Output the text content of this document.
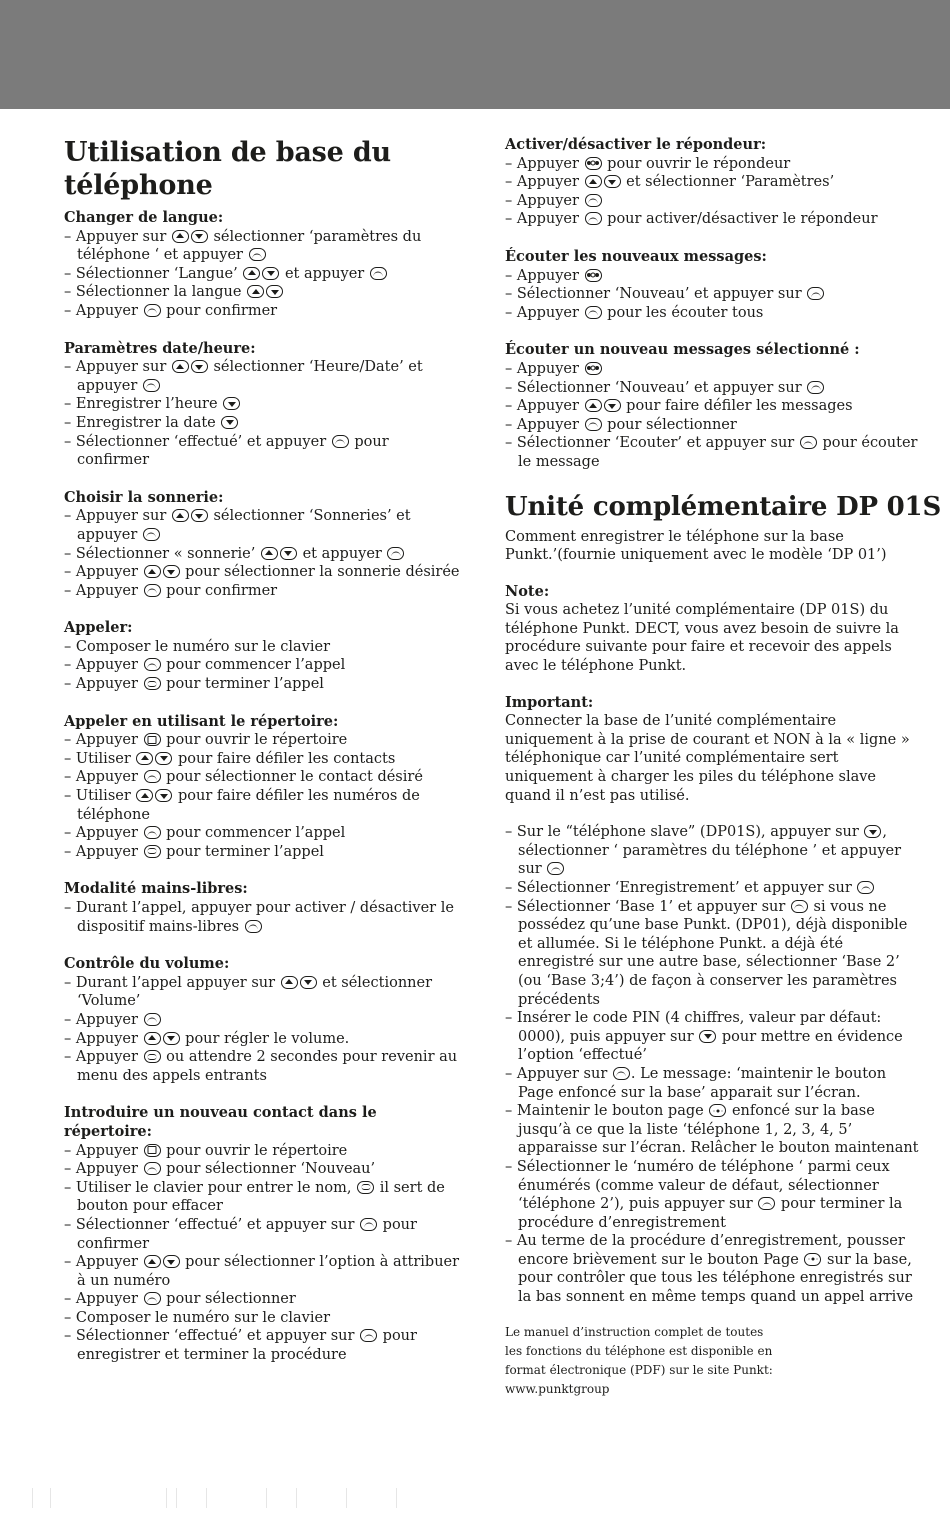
Utilisation de base du téléphone
Changer de langue:
– Appuyer sur	sélectionner ‘paramètres du téléphone ‘ et appuyer
– Sélectionner ‘Langue’	et appuyer
– Sélectionner la langue
– Appuyer  pour confirmer
Paramètres date/heure:
– Appuyer sur	sélectionner ‘Heure/Date’ et appuyer
– Enregistrer l’heure
– Enregistrer la date
– Sélectionner ‘effectué’ et appuyer  pour confirmer
Choisir la sonnerie:
– Appuyer sur	sélectionner ‘Sonneries’ et appuyer
– Sélectionner « sonnerie’	et appuyer
– Appuyer	pour sélectionner la sonnerie désirée
– Appuyer  pour confirmer
Appeler:
– Composer le numéro sur le clavier
– Appuyer  pour commencer l’appel
– Appuyer  pour terminer l’appel
Appeler en utilisant le répertoire:
– Appuyer  pour ouvrir le répertoire
– Utiliser	pour faire défiler les contacts
– Appuyer  pour sélectionner le contact désiré
– Utiliser	pour faire défiler les numéros de téléphone
– Appuyer  pour commencer l’appel
– Appuyer  pour terminer l’appel
Modalité mains-libres:
– Durant l’appel, appuyer pour activer / désactiver le dispositif mains-libres
Contrôle du volume:
– Durant l’appel appuyer sur	et sélectionner ‘Volume’
– Appuyer
– Appuyer	pour régler le volume.
– Appuyer  ou attendre 2 secondes pour revenir au menu des appels entrants
Introduire un nouveau contact dans le répertoire:
– Appuyer  pour ouvrir le répertoire
– Appuyer  pour sélectionner ‘Nouveau’
– Utiliser le clavier pour entrer le nom,  il sert de bouton pour effacer
– Sélectionner ‘effectué’ et appuyer sur  pour confirmer
– Appuyer	pour sélectionner l’option à attribuer à un numéro
– Appuyer  pour sélectionner
– Composer le numéro sur le clavier
– Sélectionner ‘effectué’ et appuyer sur  pour enregistrer et terminer la procédure
Activer/désactiver le répondeur:
– Appuyer  pour ouvrir le répondeur
– Appuyer	et sélectionner ‘Paramètres’
– Appuyer
– Appuyer  pour activer/désactiver le répondeur
Écouter les nouveaux messages:
– Appuyer
– Sélectionner ‘Nouveau’ et appuyer sur
– Appuyer  pour les écouter tous
Écouter un nouveau messages sélectionné :
– Appuyer
– Sélectionner ‘Nouveau’ et appuyer sur
– Appuyer	pour faire défiler les messages
– Appuyer  pour sélectionner
– Sélectionner ‘Ecouter’ et appuyer sur  pour écouter le message
Unité complémentaire DP 01S

Comment enregistrer le téléphone sur la base Punkt.’(fournie uniquement avec le modèle ‘DP 01’)

Note:

Si vous achetez l’unité complémentaire (DP 01S) du téléphone Punkt. DECT, vous avez besoin de suivre la procédure suivante pour faire et recevoir des appels avec le téléphone Punkt.

Important:

Connecter la base de l’unité complémentaire uniquement à la prise de courant et NON à la « ligne » téléphonique car l’unité complémentaire sert uniquement à charger les piles du téléphone slave quand il n’est pas utilisé.

– Sur le “téléphone slave” (DP01S), appuyer sur , sélectionner ‘ paramètres du téléphone ’ et appuyer sur
– Sélectionner ‘Enregistrement’ et appuyer sur
– Sélectionner ‘Base 1’ et appuyer sur  si vous ne possédez qu’une base Punkt. (DP01), déjà disponible et allumée. Si le téléphone Punkt. a déjà été enregistré sur une autre base, sélectionner ‘Base 2’ (ou ‘Base 3;4’) de façon à conserver les paramètres précédents
– Insérer le code PIN (4 chiffres, valeur par défaut: 0000), puis appuyer sur  pour mettre en évidence l’option ‘effectué’
– Appuyer sur . Le message: ‘maintenir le bouton Page enfoncé sur la base’ apparait sur l’écran.
– Maintenir le bouton page  enfoncé sur la base jusqu’à ce que la liste ‘téléphone 1, 2, 3, 4, 5’ apparaisse sur l’écran. Relâcher le bouton maintenant
– Sélectionner le ‘numéro de téléphone ‘ parmi ceux énumérés (comme valeur de défaut, sélectionner ‘téléphone 2’), puis appuyer sur  pour terminer la procédure d’enregistrement
– Au terme de la procédure d’enregistrement, pousser encore brièvement sur le bouton Page  sur la base, pour contrôler que tous les téléphone enregistrés sur la bas sonnent en même temps quand un appel arrive

Le manuel d’instruction complet de toutes

les fonctions du téléphone est disponible en

format électronique (PDF) sur le site Punkt:

www.punktgroup
